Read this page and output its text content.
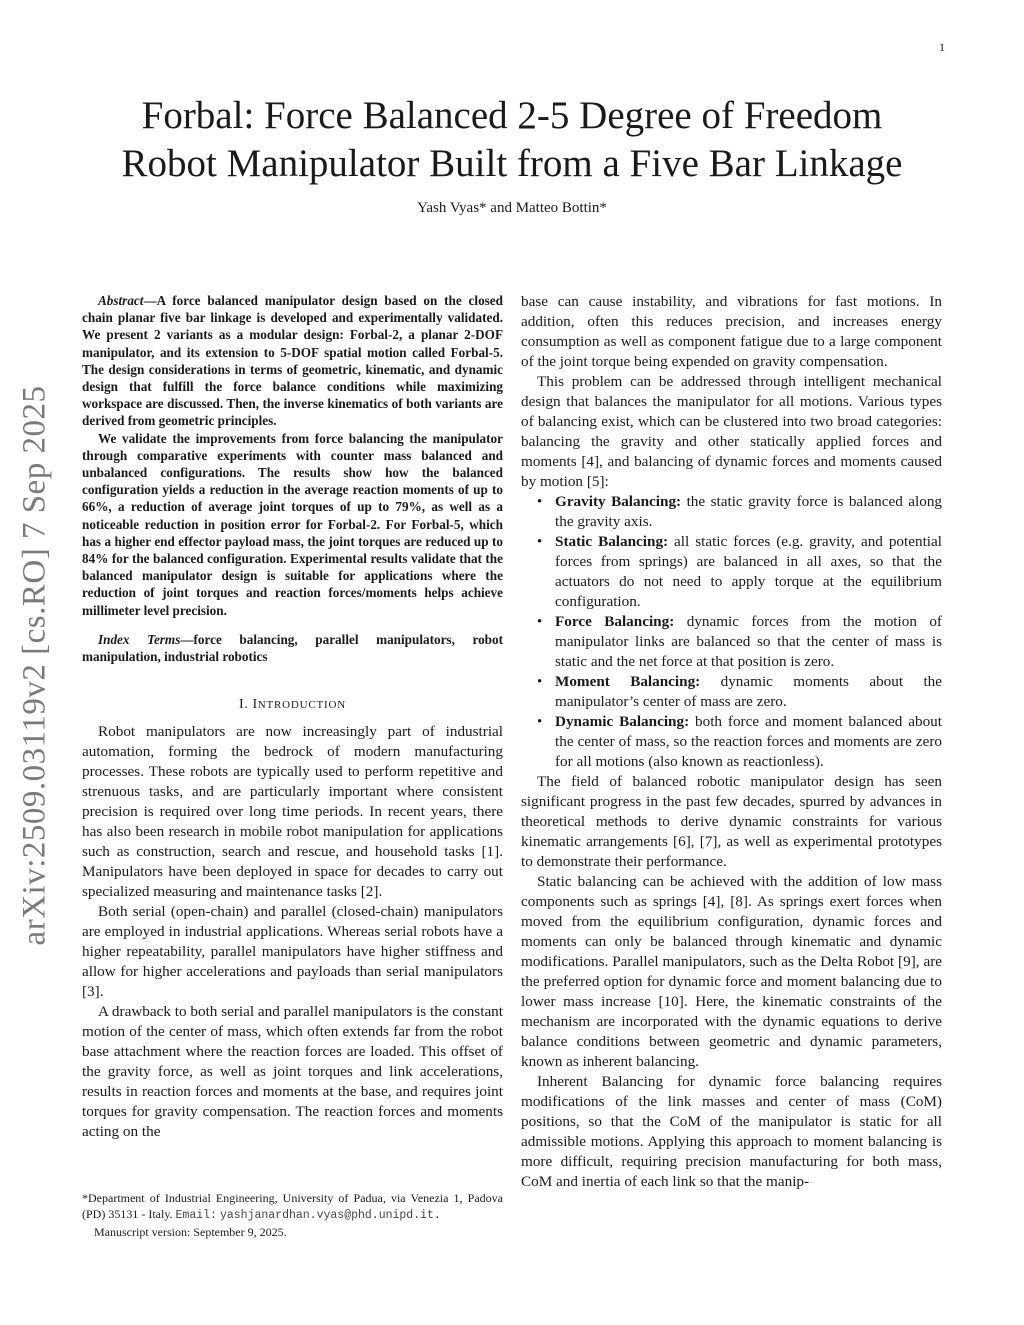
1
arXiv:2509.03119v2 [cs.RO] 7 Sep 2025
Forbal: Force Balanced 2-5 Degree of Freedom
Robot Manipulator Built from a Five Bar Linkage
Yash Vyas* and Matteo Bottin*

Abstract—A force balanced manipulator design based on the closed chain planar five bar linkage is developed and experimentally validated. We present 2 variants as a modular design: Forbal-2, a planar 2-DOF manipulator, and its extension to 5-DOF spatial motion called Forbal-5. The design considerations in terms of geometric, kinematic, and dynamic design that fulfill the force balance conditions while maximizing workspace are discussed. Then, the inverse kinematics of both variants are derived from geometric principles.

We validate the improvements from force balancing the manipulator through comparative experiments with counter mass balanced and unbalanced configurations. The results show how the balanced configuration yields a reduction in the average reaction moments of up to 66%, a reduction of average joint torques of up to 79%, as well as a noticeable reduction in position error for Forbal-2. For Forbal-5, which has a higher end effector payload mass, the joint torques are reduced up to 84% for the balanced configuration. Experimental results validate that the balanced manipulator design is suitable for applications where the reduction of joint torques and reaction forces/moments helps achieve millimeter level precision.

Index Terms—force balancing, parallel manipulators, robot manipulation, industrial robotics

I. INTRODUCTION

Robot manipulators are now increasingly part of industrial automation, forming the bedrock of modern manufacturing processes. These robots are typically used to perform repetitive and strenuous tasks, and are particularly important where consistent precision is required over long time periods. In recent years, there has also been research in mobile robot manipulation for applications such as construction, search and rescue, and household tasks [1]. Manipulators have been deployed in space for decades to carry out specialized measuring and maintenance tasks [2].

Both serial (open-chain) and parallel (closed-chain) manipulators are employed in industrial applications. Whereas serial robots have a higher repeatability, parallel manipulators have higher stiffness and allow for higher accelerations and payloads than serial manipulators [3].

A drawback to both serial and parallel manipulators is the constant motion of the center of mass, which often extends far from the robot base attachment where the reaction forces are loaded. This offset of the gravity force, as well as joint torques and link accelerations, results in reaction forces and moments at the base, and requires joint torques for gravity compensation. The reaction forces and moments acting on the

*Department of Industrial Engineering, University of Padua, via Venezia 1, Padova (PD) 35131 - Italy. Email: yashjanardhan.vyas@phd.unipd.it.

Manuscript version: September 9, 2025.

base can cause instability, and vibrations for fast motions. In addition, often this reduces precision, and increases energy consumption as well as component fatigue due to a large component of the joint torque being expended on gravity compensation.

This problem can be addressed through intelligent mechanical design that balances the manipulator for all motions. Various types of balancing exist, which can be clustered into two broad categories: balancing the gravity and other statically applied forces and moments [4], and balancing of dynamic forces and moments caused by motion [5]:

• Gravity Balancing: the static gravity force is balanced along the gravity axis.
• Static Balancing: all static forces (e.g. gravity, and potential forces from springs) are balanced in all axes, so that the actuators do not need to apply torque at the equilibrium configuration.
• Force Balancing: dynamic forces from the motion of manipulator links are balanced so that the center of mass is static and the net force at that position is zero.
• Moment Balancing: dynamic moments about the manipulator’s center of mass are zero.
• Dynamic Balancing: both force and moment balanced about the center of mass, so the reaction forces and moments are zero for all motions (also known as reactionless).

The field of balanced robotic manipulator design has seen significant progress in the past few decades, spurred by advances in theoretical methods to derive dynamic constraints for various kinematic arrangements [6], [7], as well as experimental prototypes to demonstrate their performance.

Static balancing can be achieved with the addition of low mass components such as springs [4], [8]. As springs exert forces when moved from the equilibrium configuration, dynamic forces and moments can only be balanced through kinematic and dynamic modifications. Parallel manipulators, such as the Delta Robot [9], are the preferred option for dynamic force and moment balancing due to lower mass increase [10]. Here, the kinematic constraints of the mechanism are incorporated with the dynamic equations to derive balance conditions between geometric and dynamic parameters, known as inherent balancing.

Inherent Balancing for dynamic force balancing requires modifications of the link masses and center of mass (CoM) positions, so that the CoM of the manipulator is static for all admissible motions. Applying this approach to moment balancing is more difficult, requiring precision manufacturing for both mass, CoM and inertia of each link so that the manip-
